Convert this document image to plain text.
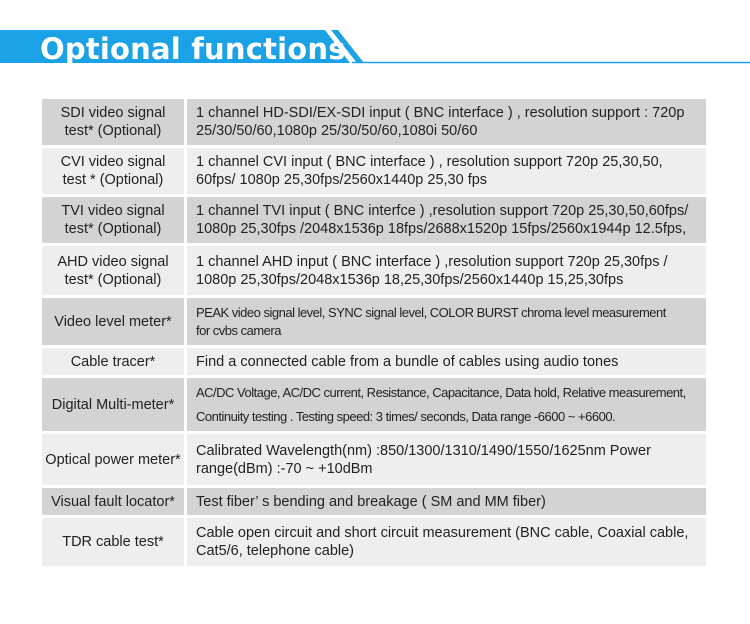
Optional functions
SDI video signal
test* (Optional)
1 channel HD-SDI/EX-SDI input ( BNC interface ) , resolution support : 720p
25/30/50/60,1080p 25/30/50/60,1080i 50/60
CVI video signal
test * (Optional)
1 channel CVI input ( BNC interface ) , resolution support 720p 25,30,50,
60fps/ 1080p 25,30fps/2560x1440p 25,30 fps
TVI video signal
test* (Optional)
1 channel TVI input ( BNC interfce ) ,resolution support 720p 25,30,50,60fps/
1080p 25,30fps /2048x1536p 18fps/2688x1520p 15fps/2560x1944p 12.5fps,
AHD video signal
test* (Optional)
1 channel AHD input ( BNC interface ) ,resolution support 720p 25,30fps /
1080p 25,30fps/2048x1536p 18,25,30fps/2560x1440p 15,25,30fps
Video level meter*
PEAK video signal level, SYNC signal level, COLOR BURST chroma level measurement
for cvbs camera
Cable tracer*	Find a connected cable from a bundle of cables using audio tones
Digital Multi-meter*
AC/DC Voltage, AC/DC current, Resistance, Capacitance, Data hold, Relative measurement,
Continuity testing . Testing speed: 3 times/ seconds, Data range -6600 ~ +6600.
Optical power meter*
Calibrated Wavelength(nm) :850/1300/1310/1490/1550/1625nm Power
range(dBm) :-70 ~ +10dBm
Visual fault locator* Test fiber’ s bending and breakage ( SM and MM fiber)
TDR cable test*
Cable open circuit and short circuit measurement (BNC cable, Coaxial cable,
Cat5/6, telephone cable)
